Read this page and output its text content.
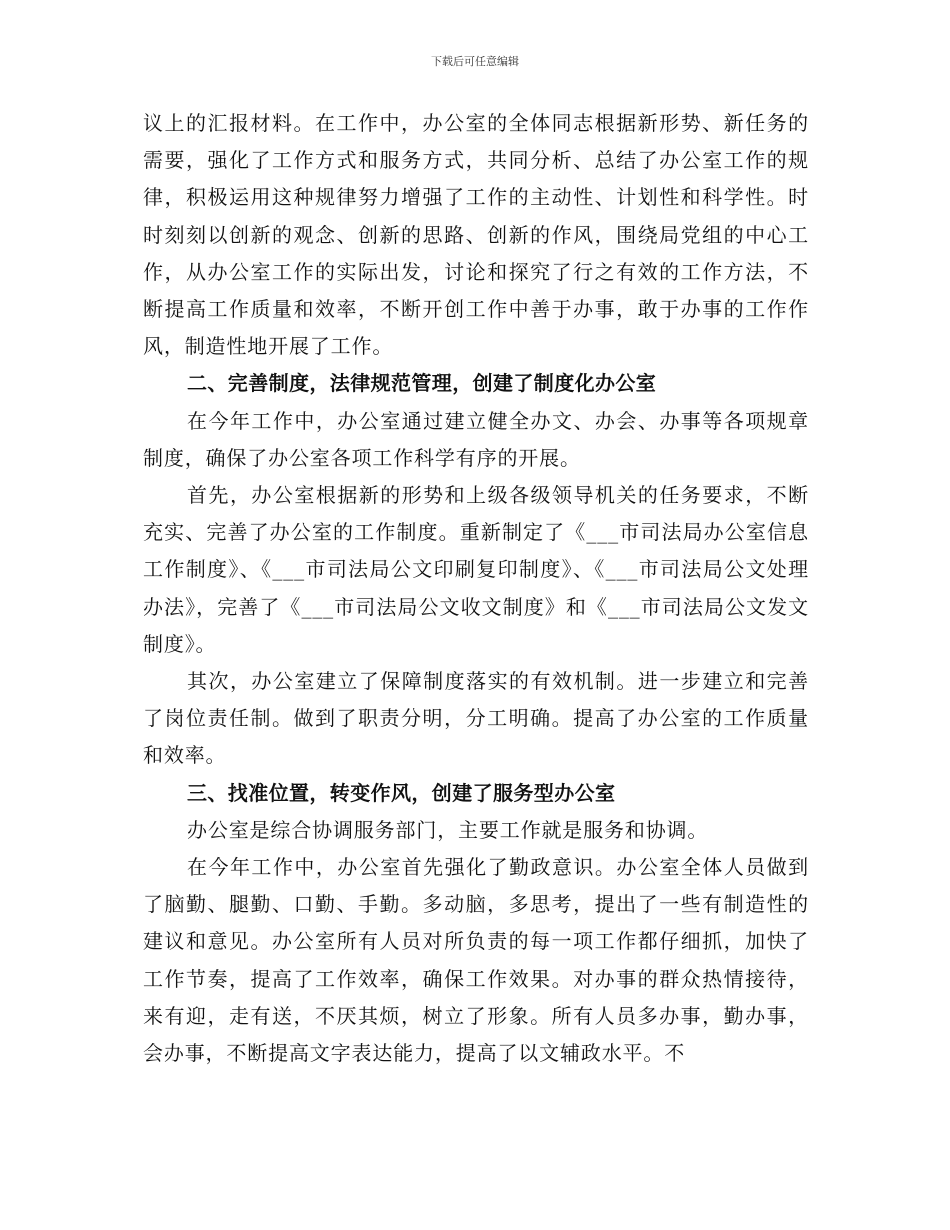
下载后可任意编辑

议上的汇报材料。在工作中，办公室的全体同志根据新形势、新任务的需要，强化了工作方式和服务方式，共同分析、总结了办公室工作的规律，积极运用这种规律努力增强了工作的主动性、计划性和科学性。时时刻刻以创新的观念、创新的思路、创新的作风，围绕局党组的中心工作，从办公室工作的实际出发，讨论和探究了行之有效的工作方法，不断提高工作质量和效率，不断开创工作中善于办事，敢于办事的工作作风，制造性地开展了工作。

二、完善制度，法律规范管理，创建了制度化办公室

在今年工作中，办公室通过建立健全办文、办会、办事等各项规章制度，确保了办公室各项工作科学有序的开展。

首先，办公室根据新的形势和上级各级领导机关的任务要求，不断充实、完善了办公室的工作制度。重新制定了《___市司法局办公室信息工作制度》、《___市司法局公文印刷复印制度》、《___市司法局公文处理办法》，完善了《___市司法局公文收文制度》和《___市司法局公文发文制度》。

其次，办公室建立了保障制度落实的有效机制。进一步建立和完善了岗位责任制。做到了职责分明，分工明确。提高了办公室的工作质量和效率。

三、找准位置，转变作风，创建了服务型办公室

办公室是综合协调服务部门，主要工作就是服务和协调。

在今年工作中，办公室首先强化了勤政意识。办公室全体人员做到了脑勤、腿勤、口勤、手勤。多动脑，多思考，提出了一些有制造性的建议和意见。办公室所有人员对所负责的每一项工作都仔细抓，加快了工作节奏，提高了工作效率，确保工作效果。对办事的群众热情接待，来有迎，走有送，不厌其烦，树立了形象。所有人员多办事，勤办事，会办事，不断提高文字表达能力，提高了以文辅政水平。不
